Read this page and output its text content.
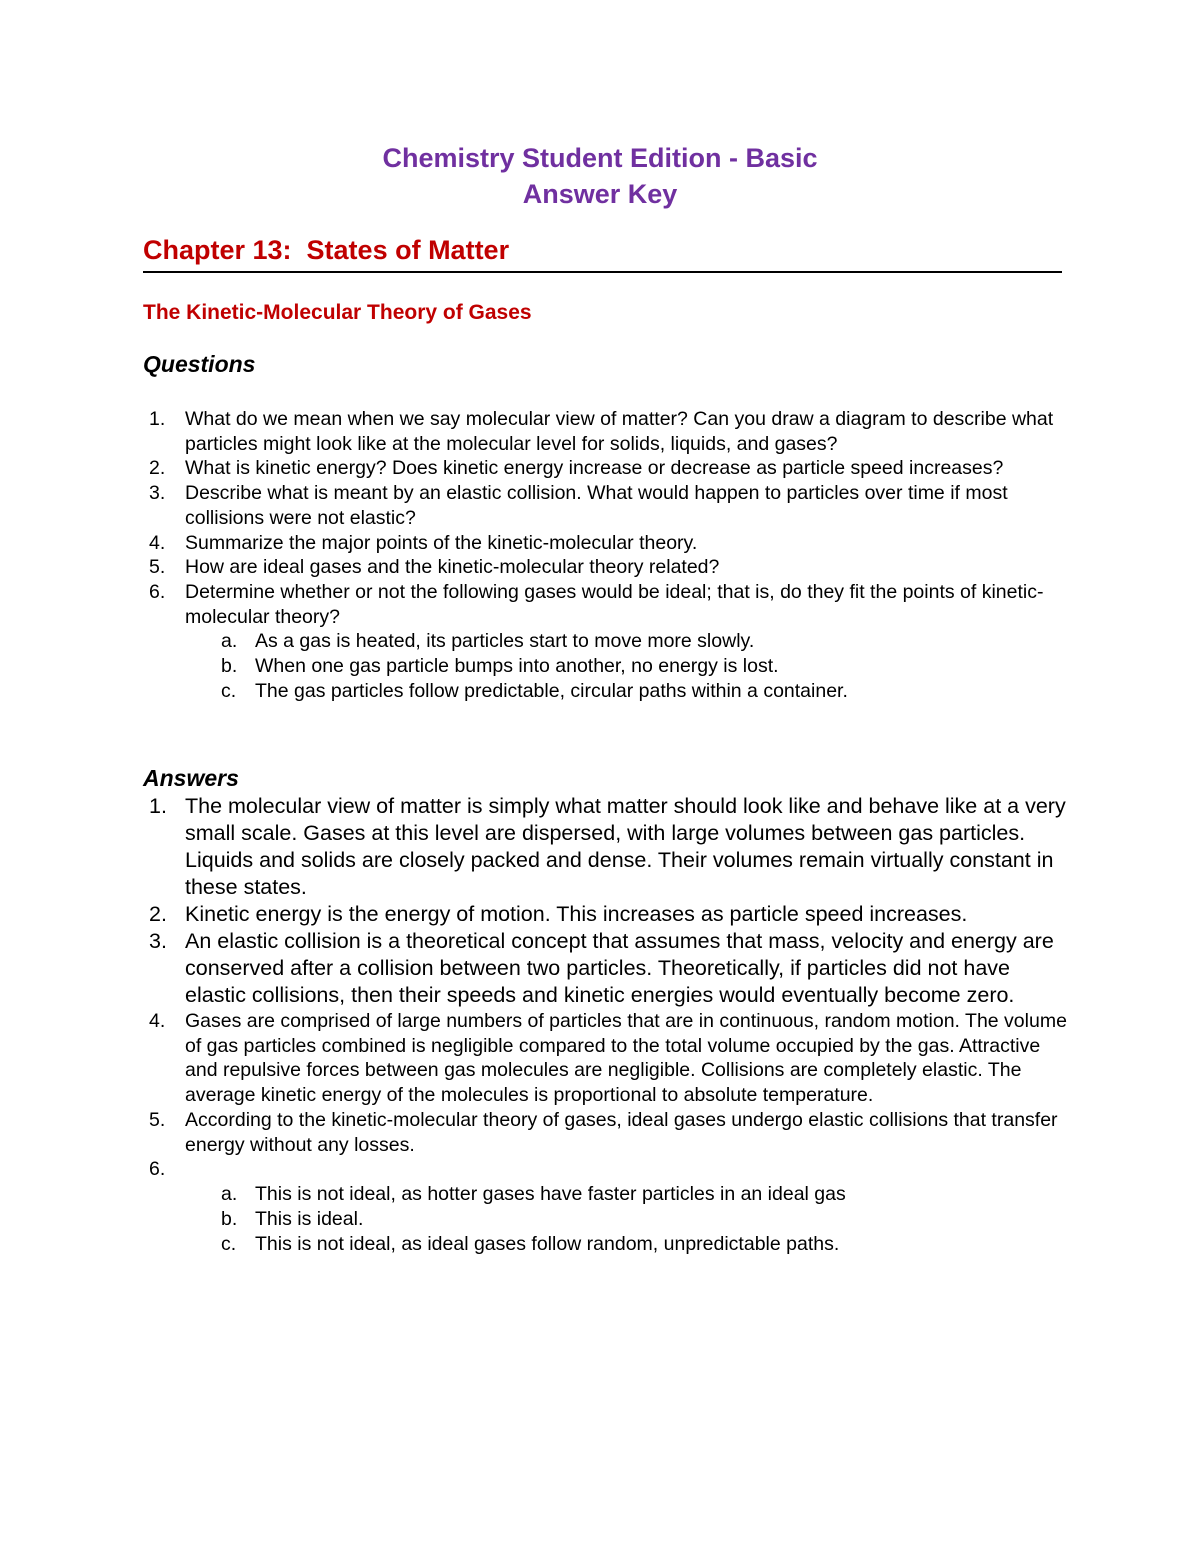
Chemistry Student Edition - Basic
Answer Key
Chapter 13:  States of Matter
The Kinetic-Molecular Theory of Gases
Questions
1. What do we mean when we say molecular view of matter? Can you draw a diagram to describe what particles might look like at the molecular level for solids, liquids, and gases?
2. What is kinetic energy? Does kinetic energy increase or decrease as particle speed increases?
3. Describe what is meant by an elastic collision. What would happen to particles over time if most collisions were not elastic?
4. Summarize the major points of the kinetic-molecular theory.
5. How are ideal gases and the kinetic-molecular theory related?
6. Determine whether or not the following gases would be ideal; that is, do they fit the points of kinetic-molecular theory?
a. As a gas is heated, its particles start to move more slowly.
b. When one gas particle bumps into another, no energy is lost.
c. The gas particles follow predictable, circular paths within a container.
Answers
1. The molecular view of matter is simply what matter should look like and behave like at a very small scale. Gases at this level are dispersed, with large volumes between gas particles. Liquids and solids are closely packed and dense. Their volumes remain virtually constant in these states.
2. Kinetic energy is the energy of motion. This increases as particle speed increases.
3. An elastic collision is a theoretical concept that assumes that mass, velocity and energy are conserved after a collision between two particles. Theoretically, if particles did not have elastic collisions, then their speeds and kinetic energies would eventually become zero.
4. Gases are comprised of large numbers of particles that are in continuous, random motion. The volume of gas particles combined is negligible compared to the total volume occupied by the gas. Attractive and repulsive forces between gas molecules are negligible. Collisions are completely elastic. The average kinetic energy of the molecules is proportional to absolute temperature.
5. According to the kinetic-molecular theory of gases, ideal gases undergo elastic collisions that transfer energy without any losses.
6.

a. This is not ideal, as hotter gases have faster particles in an ideal gas
b. This is ideal.
c. This is not ideal, as ideal gases follow random, unpredictable paths.
